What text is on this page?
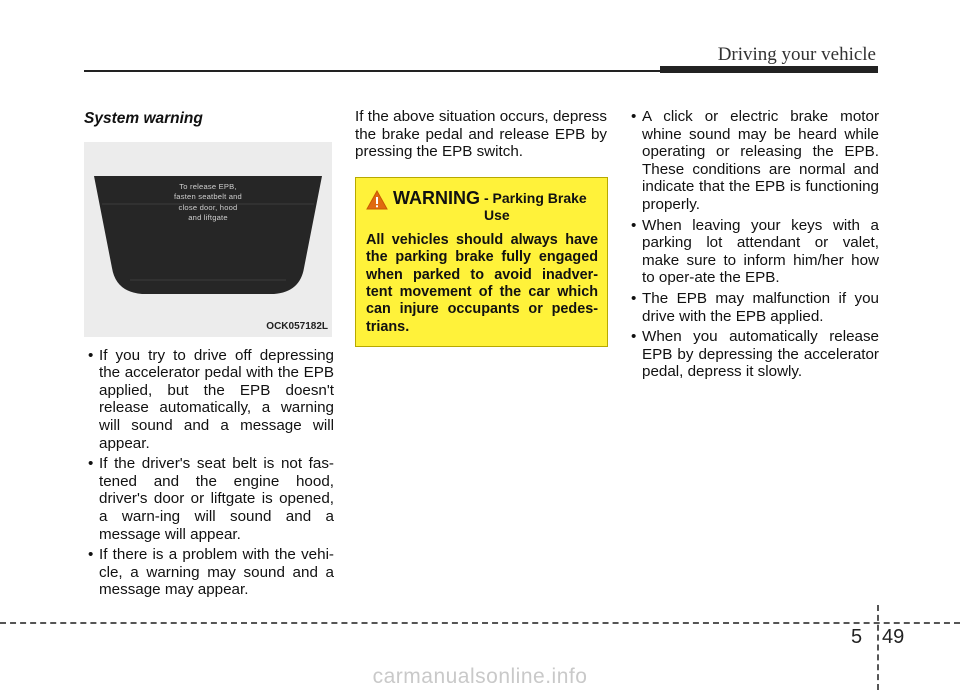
Driving your vehicle
System warning
To release EPB,
fasten seatbelt and
close door, hood
and liftgate
OCK057182L
• If you try to drive off depressing the accelerator pedal with the EPB applied, but the EPB doesn't release automatically, a warning will sound and a message will appear.
• If the driver's seat belt is not fas-tened and the engine hood, driver's door or liftgate is opened, a warn-ing will sound and a message will appear.
• If there is a problem with the vehi-cle, a warning may sound and a message may appear.

If the above situation occurs, depress the brake pedal and release EPB by pressing the EPB switch.

WARNING - Parking Brake Use
All vehicles should always have the parking brake fully engaged when parked to avoid inadver-tent movement of the car which can injure occupants or pedes-trians.
• A click or electric brake motor whine sound may be heard while operating or releasing the EPB. These conditions are normal and indicate that the EPB is functioning properly.
• When leaving your keys with a parking lot attendant or valet, make sure to inform him/her how to oper-ate the EPB.
• The EPB may malfunction if you drive with the EPB applied.
• When you automatically release EPB by depressing the accelerator pedal, depress it slowly.
5 49
carmanualsonline.info
